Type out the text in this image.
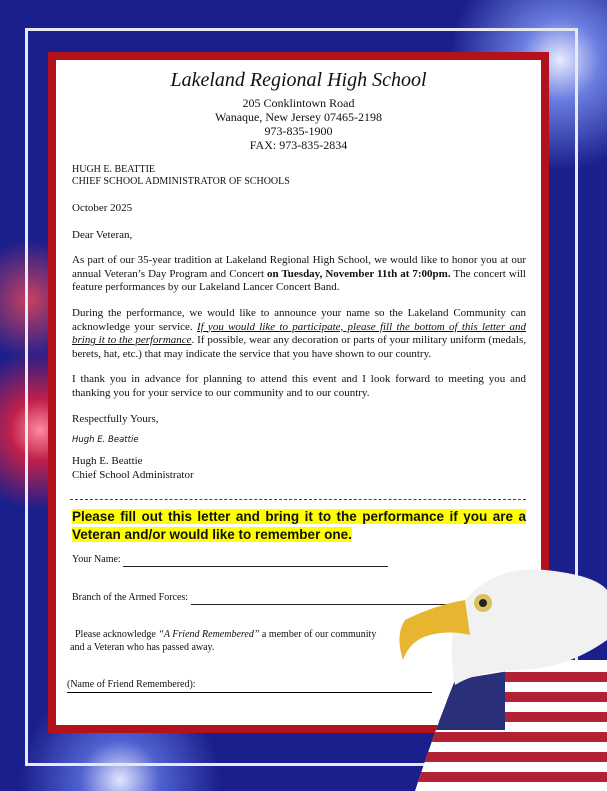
Lakeland Regional High School
205 Conklintown Road
Wanaque, New Jersey 07465-2198
973-835-1900
FAX: 973-835-2834
HUGH E. BEATTIE
CHIEF SCHOOL ADMINISTRATOR OF SCHOOLS
October 2025
Dear Veteran,
As part of our 35-year tradition at Lakeland Regional High School, we would like to honor you at our annual Veteran’s Day Program and Concert on Tuesday, November 11th at 7:00pm. The concert will feature performances by our Lakeland Lancer Concert Band.
During the performance, we would like to announce your name so the Lakeland Community can acknowledge your service. If you would like to participate, please fill the bottom of this letter and bring it to the performance. If possible, wear any decoration or parts of your military uniform (medals, berets, hat, etc.) that may indicate the service that you have shown to our country.
I thank you in advance for planning to attend this event and I look forward to meeting you and thanking you for your service to our community and to our country.
Respectfully Yours,
Hugh E. Beattie
Hugh E. Beattie
Chief School Administrator
Please fill out this letter and bring it to the performance if you are a Veteran and/or would like to remember one.
Your Name:
Branch of the Armed Forces:
Please acknowledge “A Friend Remembered” a member of our community
and a Veteran who has passed away.
(Name of Friend Remembered):
